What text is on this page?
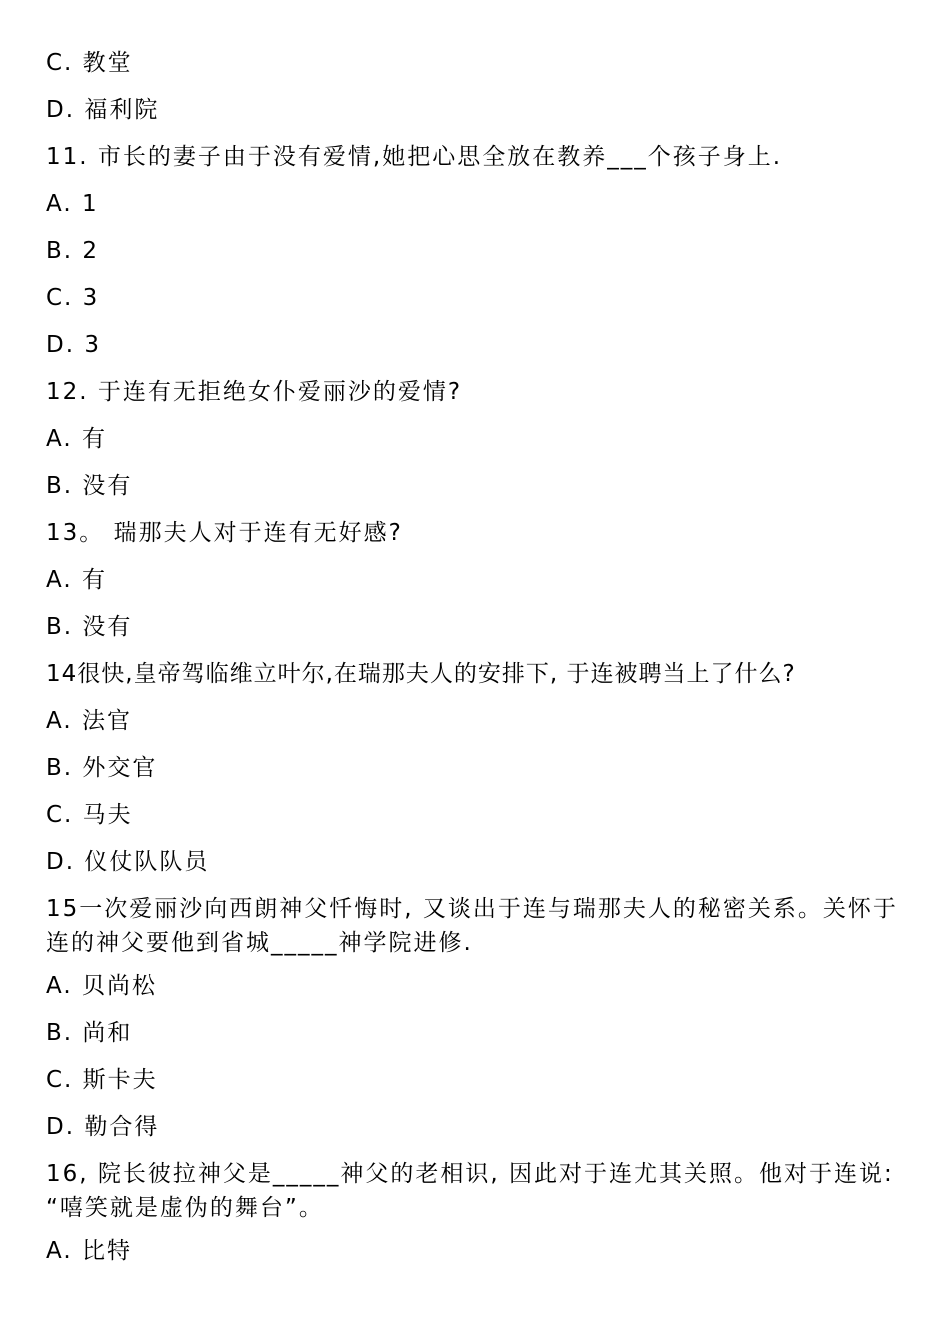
C. 教堂
D. 福利院
11. 市长的妻子由于没有爱情,她把心思全放在教养___个孩子身上.
A. 1
B. 2
C. 3
D. 3
12. 于连有无拒绝女仆爱丽沙的爱情?
A. 有
B. 没有
13。 瑞那夫人对于连有无好感?
A. 有
B. 没有
14很快,皇帝驾临维立叶尔,在瑞那夫人的安排下, 于连被聘当上了什么?
A. 法官
B. 外交官
C. 马夫
D. 仪仗队队员
15一次爱丽沙向西朗神父忏悔时, 又谈出于连与瑞那夫人的秘密关系。关怀于连的神父要他到省城_____神学院进修.
A. 贝尚松
B. 尚和
C. 斯卡夫
D. 勒合得
16, 院长彼拉神父是_____神父的老相识, 因此对于连尤其关照。他对于连说: “嘻笑就是虚伪的舞台”。
A. 比特
